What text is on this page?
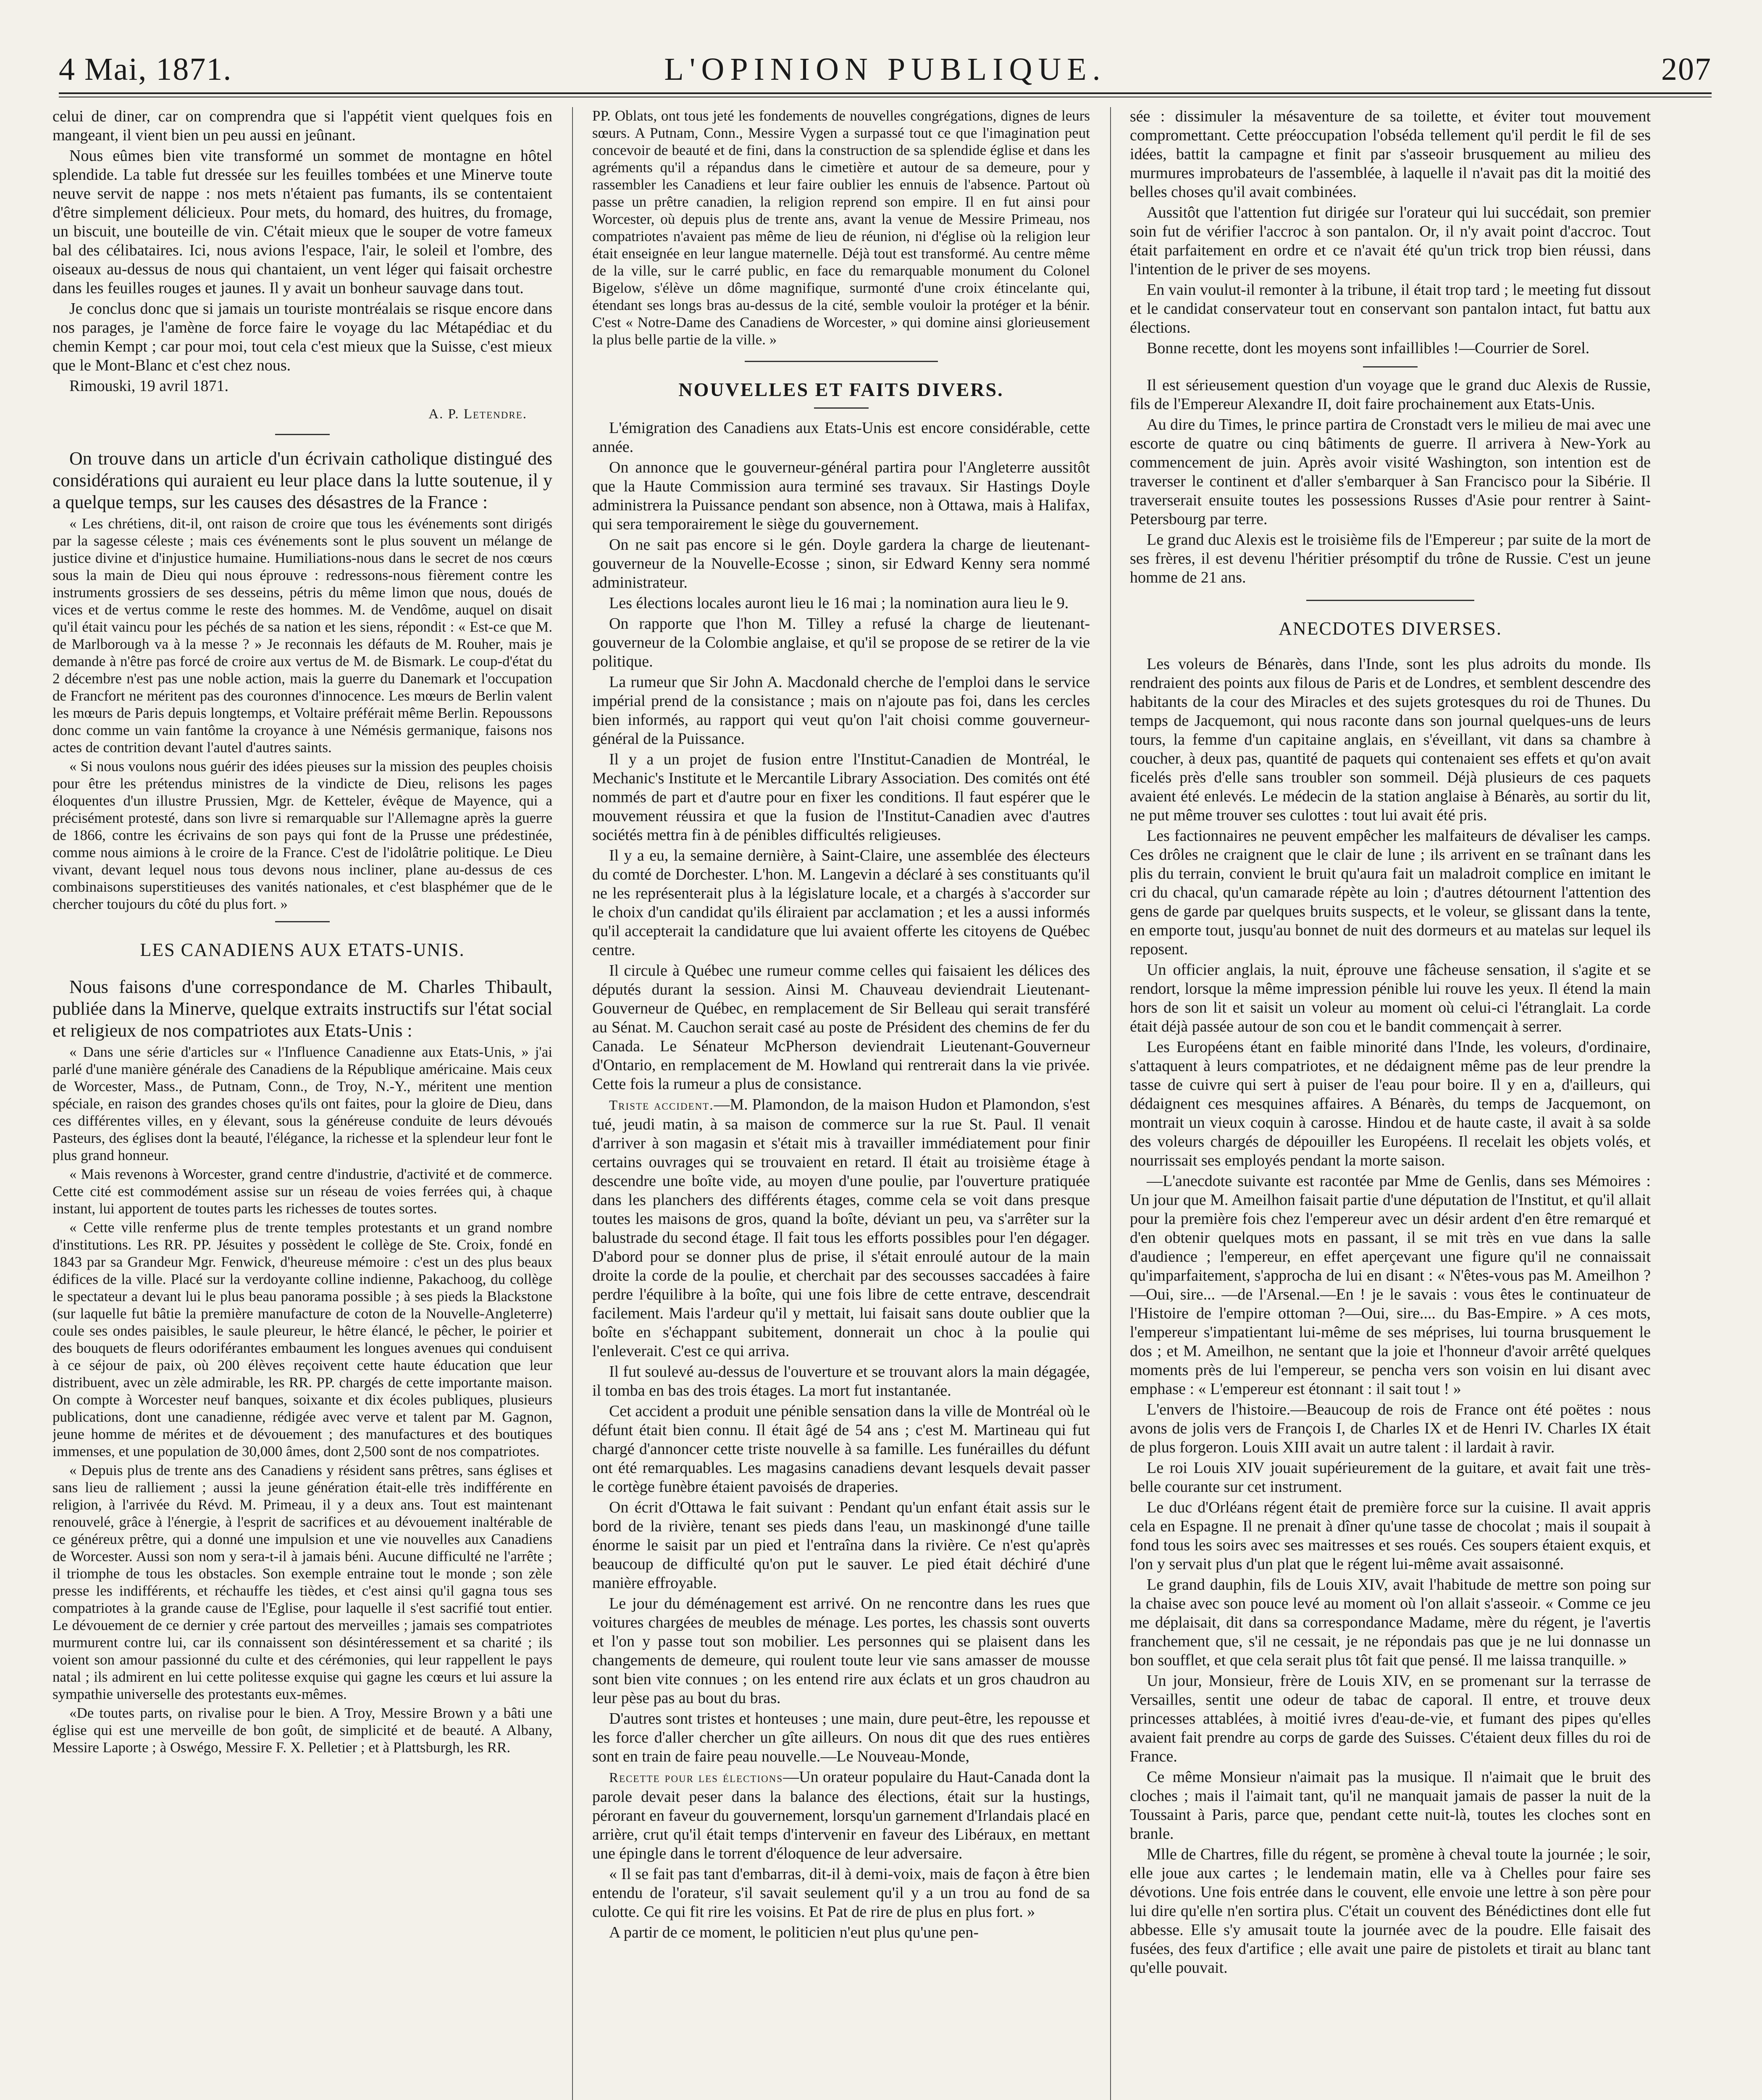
4 Mai, 1871.	L'OPINION PUBLIQUE.	207

celui de diner, car on comprendra que si l'appétit vient quelques fois en mangeant, il vient bien un peu aussi en jeûnant.

Nous eûmes bien vite transformé un sommet de montagne en hôtel splendide. La table fut dressée sur les feuilles tombées et une Minerve toute neuve servit de nappe : nos mets n'étaient pas fumants, ils se contentaient d'être simplement délicieux. Pour mets, du homard, des huitres, du fromage, un biscuit, une bouteille de vin. C'était mieux que le souper de votre fameux bal des célibataires. Ici, nous avions l'espace, l'air, le soleil et l'ombre, des oiseaux au-dessus de nous qui chantaient, un vent léger qui faisait orchestre dans les feuilles rouges et jaunes. Il y avait un bonheur sauvage dans tout.

Je conclus donc que si jamais un touriste montréalais se risque encore dans nos parages, je l'amène de force faire le voyage du lac Métapédiac et du chemin Kempt ; car pour moi, tout cela c'est mieux que la Suisse, c'est mieux que le Mont-Blanc et c'est chez nous.

Rimouski, 19 avril 1871.

A. P. Letendre.

On trouve dans un article d'un écrivain catholique distingué des considérations qui auraient eu leur place dans la lutte soutenue, il y a quelque temps, sur les causes des désastres de la France :

« Les chrétiens, dit-il, ont raison de croire que tous les événements sont dirigés par la sagesse céleste ; mais ces événements sont le plus souvent un mélange de justice divine et d'injustice humaine. Humiliations-nous dans le secret de nos cœurs sous la main de Dieu qui nous éprouve : redressons-nous fièrement contre les instruments grossiers de ses desseins, pétris du même limon que nous, doués de vices et de vertus comme le reste des hommes. M. de Vendôme, auquel on disait qu'il était vaincu pour les péchés de sa nation et les siens, répondit : « Est-ce que M. de Marlborough va à la messe ? » Je reconnais les défauts de M. Rouher, mais je demande à n'être pas forcé de croire aux vertus de M. de Bismark. Le coup-d'état du 2 décembre n'est pas une noble action, mais la guerre du Danemark et l'occupation de Francfort ne méritent pas des couronnes d'innocence. Les mœurs de Berlin valent les mœurs de Paris depuis longtemps, et Voltaire préférait même Berlin. Repoussons donc comme un vain fantôme la croyance à une Némésis germanique, faisons nos actes de contrition devant l'autel d'autres saints.

« Si nous voulons nous guérir des idées pieuses sur la mission des peuples choisis pour être les prétendus ministres de la vindicte de Dieu, relisons les pages éloquentes d'un illustre Prussien, Mgr. de Ketteler, évêque de Mayence, qui a précisément protesté, dans son livre si remarquable sur l'Allemagne après la guerre de 1866, contre les écrivains de son pays qui font de la Prusse une prédestinée, comme nous aimions à le croire de la France. C'est de l'idolâtrie politique. Le Dieu vivant, devant lequel nous tous devons nous incliner, plane au-dessus de ces combinaisons superstitieuses des vanités nationales, et c'est blasphémer que de le chercher toujours du côté du plus fort. »

LES CANADIENS AUX ETATS-UNIS.

Nous faisons d'une correspondance de M. Charles Thibault, publiée dans la Minerve, quelque extraits instructifs sur l'état social et religieux de nos compatriotes aux Etats-Unis :

« Dans une série d'articles sur « l'Influence Canadienne aux Etats-Unis, » j'ai parlé d'une manière générale des Canadiens de la République américaine. Mais ceux de Worcester, Mass., de Putnam, Conn., de Troy, N.-Y., méritent une mention spéciale, en raison des grandes choses qu'ils ont faites, pour la gloire de Dieu, dans ces différentes villes, en y élevant, sous la généreuse conduite de leurs dévoués Pasteurs, des églises dont la beauté, l'élégance, la richesse et la splendeur leur font le plus grand honneur.

« Mais revenons à Worcester, grand centre d'industrie, d'activité et de commerce. Cette cité est commodément assise sur un réseau de voies ferrées qui, à chaque instant, lui apportent de toutes parts les richesses de toutes sortes.

« Cette ville renferme plus de trente temples protestants et un grand nombre d'institutions. Les RR. PP. Jésuites y possèdent le collège de Ste. Croix, fondé en 1843 par sa Grandeur Mgr. Fenwick, d'heureuse mémoire : c'est un des plus beaux édifices de la ville. Placé sur la verdoyante colline indienne, Pakachoog, du collège le spectateur a devant lui le plus beau panorama possible ; à ses pieds la Blackstone (sur laquelle fut bâtie la première manufacture de coton de la Nouvelle-Angleterre) coule ses ondes paisibles, le saule pleureur, le hêtre élancé, le pêcher, le poirier et des bouquets de fleurs odoriférantes embaument les longues avenues qui conduisent à ce séjour de paix, où 200 élèves reçoivent cette haute éducation que leur distribuent, avec un zèle admirable, les RR. PP. chargés de cette importante maison. On compte à Worcester neuf banques, soixante et dix écoles publiques, plusieurs publications, dont une canadienne, rédigée avec verve et talent par M. Gagnon, jeune homme de mérites et de dévouement ; des manufactures et des boutiques immenses, et une population de 30,000 âmes, dont 2,500 sont de nos compatriotes.

« Depuis plus de trente ans des Canadiens y résident sans prêtres, sans églises et sans lieu de ralliement ; aussi la jeune génération était-elle très indifférente en religion, à l'arrivée du Révd. M. Primeau, il y a deux ans. Tout est maintenant renouvelé, grâce à l'énergie, à l'esprit de sacrifices et au dévouement inaltérable de ce généreux prêtre, qui a donné une impulsion et une vie nouvelles aux Canadiens de Worcester. Aussi son nom y sera-t-il à jamais béni. Aucune difficulté ne l'arrête ; il triomphe de tous les obstacles. Son exemple entraine tout le monde ; son zèle presse les indifférents, et réchauffe les tièdes, et c'est ainsi qu'il gagna tous ses compatriotes à la grande cause de l'Eglise, pour laquelle il s'est sacrifié tout entier. Le dévouement de ce dernier y crée partout des merveilles ; jamais ses compatriotes murmurent contre lui, car ils connaissent son désintéressement et sa charité ; ils voient son amour passionné du culte et des cérémonies, qui leur rappellent le pays natal ; ils admirent en lui cette politesse exquise qui gagne les cœurs et lui assure la sympathie universelle des protestants eux-mêmes.

«De toutes parts, on rivalise pour le bien. A Troy, Messire Brown y a bâti une église qui est une merveille de bon goût, de simplicité et de beauté. A Albany, Messire Laporte ; à Oswégo, Messire F. X. Pelletier ; et à Plattsburgh, les RR.

PP. Oblats, ont tous jeté les fondements de nouvelles congrégations, dignes de leurs sœurs. A Putnam, Conn., Messire Vygen a surpassé tout ce que l'imagination peut concevoir de beauté et de fini, dans la construction de sa splendide église et dans les agréments qu'il a répandus dans le cimetière et autour de sa demeure, pour y rassembler les Canadiens et leur faire oublier les ennuis de l'absence. Partout où passe un prêtre canadien, la religion reprend son empire. Il en fut ainsi pour Worcester, où depuis plus de trente ans, avant la venue de Messire Primeau, nos compatriotes n'avaient pas même de lieu de réunion, ni d'église où la religion leur était enseignée en leur langue maternelle. Déjà tout est transformé. Au centre même de la ville, sur le carré public, en face du remarquable monument du Colonel Bigelow, s'élève un dôme magnifique, surmonté d'une croix étincelante qui, étendant ses longs bras au-dessus de la cité, semble vouloir la protéger et la bénir. C'est « Notre-Dame des Canadiens de Worcester, » qui domine ainsi glorieusement la plus belle partie de la ville. »

NOUVELLES ET FAITS DIVERS.

L'émigration des Canadiens aux Etats-Unis est encore considérable, cette année.

On annonce que le gouverneur-général partira pour l'Angleterre aussitôt que la Haute Commission aura terminé ses travaux. Sir Hastings Doyle administrera la Puissance pendant son absence, non à Ottawa, mais à Halifax, qui sera temporairement le siège du gouvernement.

On ne sait pas encore si le gén. Doyle gardera la charge de lieutenant-gouverneur de la Nouvelle-Ecosse ; sinon, sir Edward Kenny sera nommé administrateur.

Les élections locales auront lieu le 16 mai ; la nomination aura lieu le 9.

On rapporte que l'hon M. Tilley a refusé la charge de lieutenant-gouverneur de la Colombie anglaise, et qu'il se propose de se retirer de la vie politique.

La rumeur que Sir John A. Macdonald cherche de l'emploi dans le service impérial prend de la consistance ; mais on n'ajoute pas foi, dans les cercles bien informés, au rapport qui veut qu'on l'ait choisi comme gouverneur-général de la Puissance.

Il y a un projet de fusion entre l'Institut-Canadien de Montréal, le Mechanic's Institute et le Mercantile Library Association. Des comités ont été nommés de part et d'autre pour en fixer les conditions. Il faut espérer que le mouvement réussira et que la fusion de l'Institut-Canadien avec d'autres sociétés mettra fin à de pénibles difficultés religieuses.

Il y a eu, la semaine dernière, à Saint-Claire, une assemblée des électeurs du comté de Dorchester. L'hon. M. Langevin a déclaré à ses constituants qu'il ne les représenterait plus à la législature locale, et a chargés à s'accorder sur le choix d'un candidat qu'ils éliraient par acclamation ; et les a aussi informés qu'il accepterait la candidature que lui avaient offerte les citoyens de Québec centre.

Il circule à Québec une rumeur comme celles qui faisaient les délices des députés durant la session. Ainsi M. Chauveau deviendrait Lieutenant-Gouverneur de Québec, en remplacement de Sir Belleau qui serait transféré au Sénat. M. Cauchon serait casé au poste de Président des chemins de fer du Canada. Le Sénateur McPherson deviendrait Lieutenant-Gouverneur d'Ontario, en remplacement de M. Howland qui rentrerait dans la vie privée. Cette fois la rumeur a plus de consistance.

Triste accident.—M. Plamondon, de la maison Hudon et Plamondon, s'est tué, jeudi matin, à sa maison de commerce sur la rue St. Paul. Il venait d'arriver à son magasin et s'était mis à travailler immédiatement pour finir certains ouvrages qui se trouvaient en retard. Il était au troisième étage à descendre une boîte vide, au moyen d'une poulie, par l'ouverture pratiquée dans les planchers des différents étages, comme cela se voit dans presque toutes les maisons de gros, quand la boîte, déviant un peu, va s'arrêter sur la balustrade du second étage. Il fait tous les efforts possibles pour l'en dégager. D'abord pour se donner plus de prise, il s'était enroulé autour de la main droite la corde de la poulie, et cherchait par des secousses saccadées à faire perdre l'équilibre à la boîte, qui une fois libre de cette entrave, descendrait facilement. Mais l'ardeur qu'il y mettait, lui faisait sans doute oublier que la boîte en s'échappant subitement, donnerait un choc à la poulie qui l'enleverait. C'est ce qui arriva.

Il fut soulevé au-dessus de l'ouverture et se trouvant alors la main dégagée, il tomba en bas des trois étages. La mort fut instantanée.

Cet accident a produit une pénible sensation dans la ville de Montréal où le défunt était bien connu. Il était âgé de 54 ans ; c'est M. Martineau qui fut chargé d'annoncer cette triste nouvelle à sa famille. Les funérailles du défunt ont été remarquables. Les magasins canadiens devant lesquels devait passer le cortège funèbre étaient pavoisés de draperies.

On écrit d'Ottawa le fait suivant : Pendant qu'un enfant était assis sur le bord de la rivière, tenant ses pieds dans l'eau, un maskinongé d'une taille énorme le saisit par un pied et l'entraîna dans la rivière. Ce n'est qu'après beaucoup de difficulté qu'on put le sauver. Le pied était déchiré d'une manière effroyable.

Le jour du déménagement est arrivé. On ne rencontre dans les rues que voitures chargées de meubles de ménage. Les portes, les chassis sont ouverts et l'on y passe tout son mobilier. Les personnes qui se plaisent dans les changements de demeure, qui roulent toute leur vie sans amasser de mousse sont bien vite connues ; on les entend rire aux éclats et un gros chaudron au leur pèse pas au bout du bras.

D'autres sont tristes et honteuses ; une main, dure peut-être, les repousse et les force d'aller chercher un gîte ailleurs. On nous dit que des rues entières sont en train de faire peau nouvelle.—Le Nouveau-Monde,

Recette pour les élections—Un orateur populaire du Haut-Canada dont la parole devait peser dans la balance des élections, était sur la hustings, pérorant en faveur du gouvernement, lorsqu'un garnement d'Irlandais placé en arrière, crut qu'il était temps d'intervenir en faveur des Libéraux, en mettant une épingle dans le torrent d'éloquence de leur adversaire.

« Il se fait pas tant d'embarras, dit-il à demi-voix, mais de façon à être bien entendu de l'orateur, s'il savait seulement qu'il y a un trou au fond de sa culotte. Ce qui fit rire les voisins. Et Pat de rire de plus en plus fort. »

A partir de ce moment, le politicien n'eut plus qu'une pen-

sée : dissimuler la mésaventure de sa toilette, et éviter tout mouvement compromettant. Cette préoccupation l'obséda tellement qu'il perdit le fil de ses idées, battit la campagne et finit par s'asseoir brusquement au milieu des murmures improbateurs de l'assemblée, à laquelle il n'avait pas dit la moitié des belles choses qu'il avait combinées.

Aussitôt que l'attention fut dirigée sur l'orateur qui lui succédait, son premier soin fut de vérifier l'accroc à son pantalon. Or, il n'y avait point d'accroc. Tout était parfaitement en ordre et ce n'avait été qu'un trick trop bien réussi, dans l'intention de le priver de ses moyens.

En vain voulut-il remonter à la tribune, il était trop tard ; le meeting fut dissout et le candidat conservateur tout en conservant son pantalon intact, fut battu aux élections.

Bonne recette, dont les moyens sont infaillibles !—Courrier de Sorel.

Il est sérieusement question d'un voyage que le grand duc Alexis de Russie, fils de l'Empereur Alexandre II, doit faire prochainement aux Etats-Unis.

Au dire du Times, le prince partira de Cronstadt vers le milieu de mai avec une escorte de quatre ou cinq bâtiments de guerre. Il arrivera à New-York au commencement de juin. Après avoir visité Washington, son intention est de traverser le continent et d'aller s'embarquer à San Francisco pour la Sibérie. Il traverserait ensuite toutes les possessions Russes d'Asie pour rentrer à Saint-Petersbourg par terre.

Le grand duc Alexis est le troisième fils de l'Empereur ; par suite de la mort de ses frères, il est devenu l'héritier présomptif du trône de Russie. C'est un jeune homme de 21 ans.

ANECDOTES DIVERSES.

Les voleurs de Bénarès, dans l'Inde, sont les plus adroits du monde. Ils rendraient des points aux filous de Paris et de Londres, et semblent descendre des habitants de la cour des Miracles et des sujets grotesques du roi de Thunes. Du temps de Jacquemont, qui nous raconte dans son journal quelques-uns de leurs tours, la femme d'un capitaine anglais, en s'éveillant, vit dans sa chambre à coucher, à deux pas, quantité de paquets qui contenaient ses effets et qu'on avait ficelés près d'elle sans troubler son sommeil. Déjà plusieurs de ces paquets avaient été enlevés. Le médecin de la station anglaise à Bénarès, au sortir du lit, ne put même trouver ses culottes : tout lui avait été pris.

Les factionnaires ne peuvent empêcher les malfaiteurs de dévaliser les camps. Ces drôles ne craignent que le clair de lune ; ils arrivent en se traînant dans les plis du terrain, convient le bruit qu'aura fait un maladroit complice en imitant le cri du chacal, qu'un camarade répète au loin ; d'autres détournent l'attention des gens de garde par quelques bruits suspects, et le voleur, se glissant dans la tente, en emporte tout, jusqu'au bonnet de nuit des dormeurs et au matelas sur lequel ils reposent.

Un officier anglais, la nuit, éprouve une fâcheuse sensation, il s'agite et se rendort, lorsque la même impression pénible lui rouve les yeux. Il étend la main hors de son lit et saisit un voleur au moment où celui-ci l'étranglait. La corde était déjà passée autour de son cou et le bandit commençait à serrer.

Les Européens étant en faible minorité dans l'Inde, les voleurs, d'ordinaire, s'attaquent à leurs compatriotes, et ne dédaignent même pas de leur prendre la tasse de cuivre qui sert à puiser de l'eau pour boire. Il y en a, d'ailleurs, qui dédaignent ces mesquines affaires. A Bénarès, du temps de Jacquemont, on montrait un vieux coquin à carosse. Hindou et de haute caste, il avait à sa solde des voleurs chargés de dépouiller les Européens. Il recelait les objets volés, et nourrissait ses employés pendant la morte saison.

—L'anecdote suivante est racontée par Mme de Genlis, dans ses Mémoires : Un jour que M. Ameilhon faisait partie d'une députation de l'Institut, et qu'il allait pour la première fois chez l'empereur avec un désir ardent d'en être remarqué et d'en obtenir quelques mots en passant, il se mit très en vue dans la salle d'audience ; l'empereur, en effet aperçevant une figure qu'il ne connaissait qu'imparfaitement, s'approcha de lui en disant : « N'êtes-vous pas M. Ameilhon ?—Oui, sire... —de l'Arsenal.—En ! je le savais : vous êtes le continuateur de l'Histoire de l'empire ottoman ?—Oui, sire.... du Bas-Empire. » A ces mots, l'empereur s'impatientant lui-même de ses méprises, lui tourna brusquement le dos ; et M. Ameilhon, ne sentant que la joie et l'honneur d'avoir arrêté quelques moments près de lui l'empereur, se pencha vers son voisin en lui disant avec emphase : « L'empereur est étonnant : il sait tout ! »

L'envers de l'histoire.—Beaucoup de rois de France ont été poëtes : nous avons de jolis vers de François I, de Charles IX et de Henri IV. Charles IX était de plus forgeron. Louis XIII avait un autre talent : il lardait à ravir.

Le roi Louis XIV jouait supérieurement de la guitare, et avait fait une très-belle courante sur cet instrument.

Le duc d'Orléans régent était de première force sur la cuisine. Il avait appris cela en Espagne. Il ne prenait à dîner qu'une tasse de chocolat ; mais il soupait à fond tous les soirs avec ses maitresses et ses roués. Ces soupers étaient exquis, et l'on y servait plus d'un plat que le régent lui-même avait assaisonné.

Le grand dauphin, fils de Louis XIV, avait l'habitude de mettre son poing sur la chaise avec son pouce levé au moment où l'on allait s'asseoir. « Comme ce jeu me déplaisait, dit dans sa correspondance Madame, mère du régent, je l'avertis franchement que, s'il ne cessait, je ne répondais pas que je ne lui donnasse un bon soufflet, et que cela serait plus tôt fait que pensé. Il me laissa tranquille. »

Un jour, Monsieur, frère de Louis XIV, en se promenant sur la terrasse de Versailles, sentit une odeur de tabac de caporal. Il entre, et trouve deux princesses attablées, à moitié ivres d'eau-de-vie, et fumant des pipes qu'elles avaient fait prendre au corps de garde des Suisses. C'étaient deux filles du roi de France.

Ce même Monsieur n'aimait pas la musique. Il n'aimait que le bruit des cloches ; mais il l'aimait tant, qu'il ne manquait jamais de passer la nuit de la Toussaint à Paris, parce que, pendant cette nuit-là, toutes les cloches sont en branle.

Mlle de Chartres, fille du régent, se promène à cheval toute la journée ; le soir, elle joue aux cartes ; le lendemain matin, elle va à Chelles pour faire ses dévotions. Une fois entrée dans le couvent, elle envoie une lettre à son père pour lui dire qu'elle n'en sortira plus. C'était un couvent des Bénédictines dont elle fut abbesse. Elle s'y amusait toute la journée avec de la poudre. Elle faisait des fusées, des feux d'artifice ; elle avait une paire de pistolets et tirait au blanc tant qu'elle pouvait.
